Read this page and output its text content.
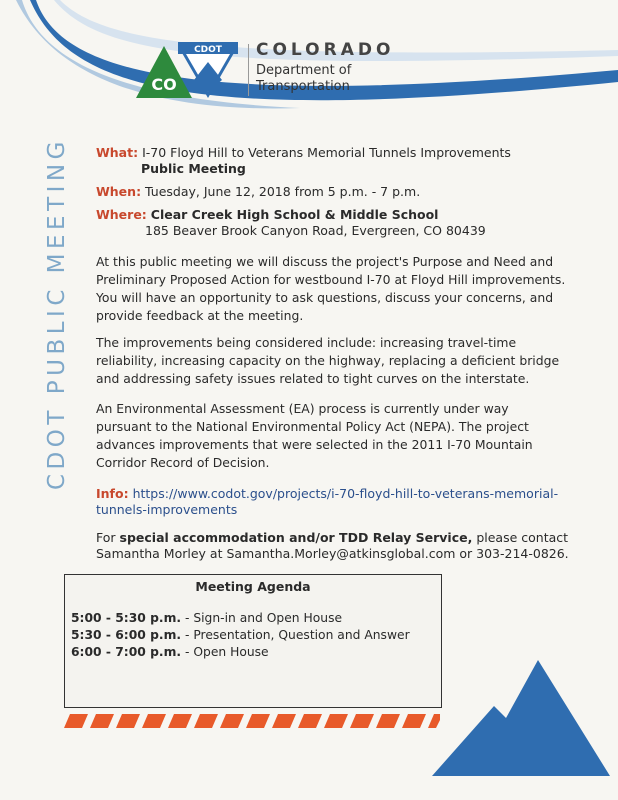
CDOT
CO
COLORADO
Department of
Transportation
CDOT PUBLIC MEETING What: I-70 Floyd Hill to Veterans Memorial Tunnels Improvements
Public Meeting
When: Tuesday, June 12, 2018 from 5 p.m. - 7 p.m.
Where: Clear Creek High School & Middle School
185 Beaver Brook Canyon Road, Evergreen, CO 80439
At this public meeting we will discuss the project's Purpose and Need and Preliminary Proposed Action for westbound I-70 at Floyd Hill improvements. You will have an opportunity to ask questions, discuss your concerns, and provide feedback at the meeting.
The improvements being considered include: increasing travel-time reliability, increasing capacity on the highway, replacing a deficient bridge and addressing safety issues related to tight curves on the interstate.
An Environmental Assessment (EA) process is currently under way pursuant to the National Environmental Policy Act (NEPA). The project advances improvements that were selected in the 2011 I-70 Mountain Corridor Record of Decision.
Info: https://www.codot.gov/projects/i-70-floyd-hill-to-veterans-memorial-
tunnels-improvements
For special accommodation and/or TDD Relay Service, please contact
Samantha Morley at Samantha.Morley@atkinsglobal.com or 303-214-0826.
Meeting Agenda
5:00 - 5:30 p.m. - Sign-in and Open House
5:30 - 6:00 p.m. - Presentation, Question and Answer
6:00 - 7:00 p.m. - Open House
